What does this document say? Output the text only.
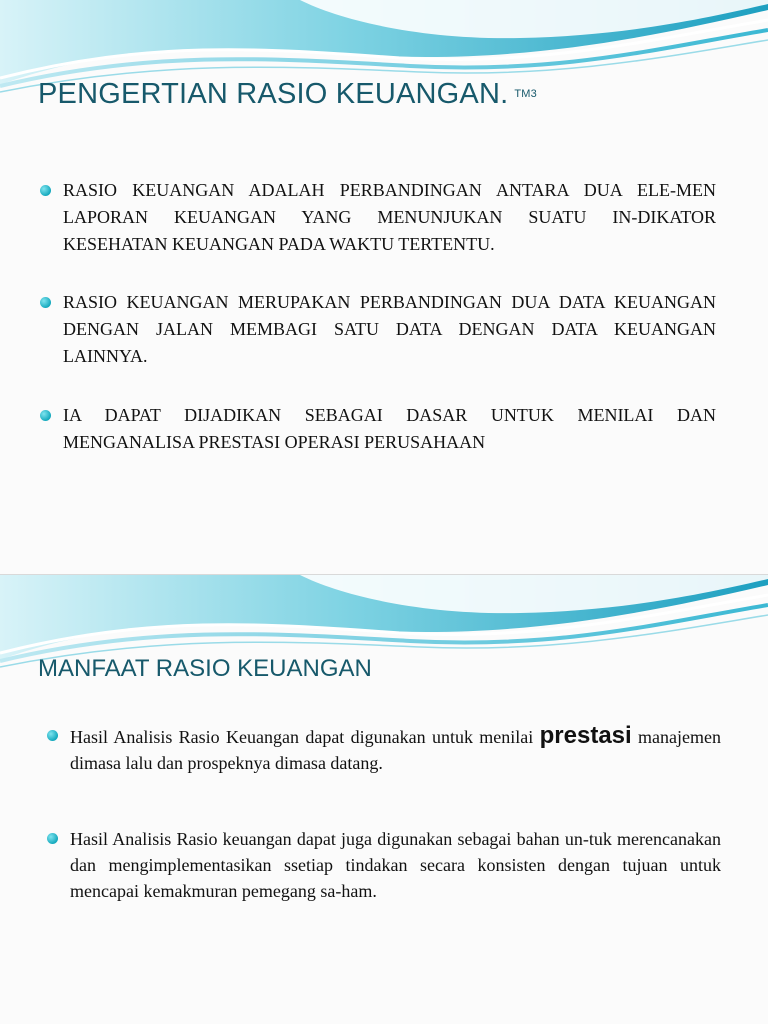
PENGERTIAN RASIO KEUANGAN. $^{TM3}$
RASIO KEUANGAN ADALAH PERBANDINGAN ANTARA DUA ELE-MEN LAPORAN KEUANGAN YANG MENUNJUKAN SUATU IN-DIKATOR KESEHATAN KEUANGAN PADA WAKTU TERTENTU.
RASIO KEUANGAN MERUPAKAN PERBANDINGAN DUA DATA KEUANGAN DENGAN JALAN MEMBAGI SATU DATA DENGAN DATA KEUANGAN LAINNYA.
IA DAPAT DIJADIKAN SEBAGAI DASAR UNTUK MENILAI DAN MENGANALISA PRESTASI OPERASI PERUSAHAAN
MANFAAT RASIO KEUANGAN
Hasil Analisis Rasio Keuangan dapat digunakan untuk menilai prestasi manajemen dimasa lalu dan prospeknya dimasa datang.
Hasil Analisis Rasio keuangan dapat juga digunakan sebagai bahan un-tuk merencanakan dan mengimplementasikan ssetiap tindakan secara konsisten dengan tujuan untuk mencapai kemakmuran pemegang sa-ham.
